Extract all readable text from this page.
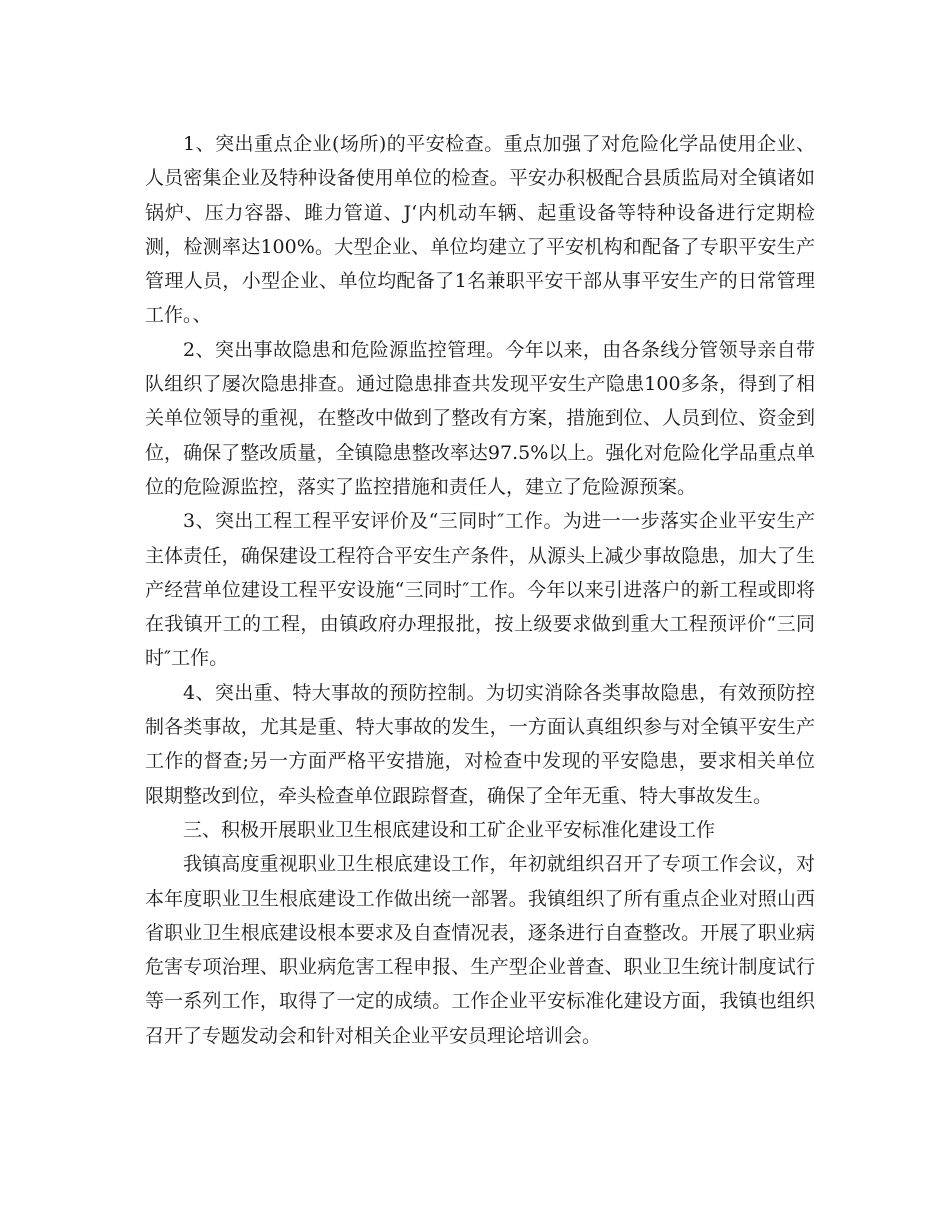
1、突出重点企业(场所)的平安检查。重点加强了对危险化学品使用企业、人员密集企业及特种设备使用单位的检查。平安办积极配合县质监局对全镇诸如锅炉、压力容器、雎力管道、J‘内机动车辆、起重设备等特种设备进行定期检测，检测率达100%。大型企业、单位均建立了平安机构和配备了专职平安生产管理人员，小型企业、单位均配备了1名兼职平安干部从事平安生产的日常管理工作。、

2、突出事故隐患和危险源监控管理。今年以来，由各条线分管领导亲自带队组织了屡次隐患排查。通过隐患排查共发现平安生产隐患100多条，得到了相关单位领导的重视，在整改中做到了整改有方案，措施到位、人员到位、资金到位，确保了整改质量，全镇隐患整改率达97.5%以上。强化对危险化学品重点单位的危险源监控，落实了监控措施和责任人，建立了危险源预案。

3、突出工程工程平安评价及“三同时″工作。为进一一步落实企业平安生产主体责任，确保建设工程符合平安生产条件，从源头上减少事故隐患，加大了生产经营单位建设工程平安设施“三同时″工作。今年以来引进落户的新工程或即将在我镇开工的工程，由镇政府办理报批，按上级要求做到重大工程预评价“三同时″工作。

4、突出重、特大事故的预防控制。为切实消除各类事故隐患，有效预防控制各类事故，尤其是重、特大事故的发生，一方面认真组织参与对全镇平安生产工作的督查;另一方面严格平安措施，对检查中发现的平安隐患，要求相关单位限期整改到位，牵头检查单位跟踪督查，确保了全年无重、特大事故发生。

三、积极开展职业卫生根底建设和工矿企业平安标准化建设工作

我镇高度重视职业卫生根底建设工作，年初就组织召开了专项工作会议，对本年度职业卫生根底建设工作做出统一部署。我镇组织了所有重点企业对照山西省职业卫生根底建设根本要求及自查情况表，逐条进行自查整改。开展了职业病危害专项治理、职业病危害工程申报、生产型企业普查、职业卫生统计制度试行等一系列工作，取得了一定的成绩。工作企业平安标准化建设方面，我镇也组织召开了专题发动会和针对相关企业平安员理论培训会。
